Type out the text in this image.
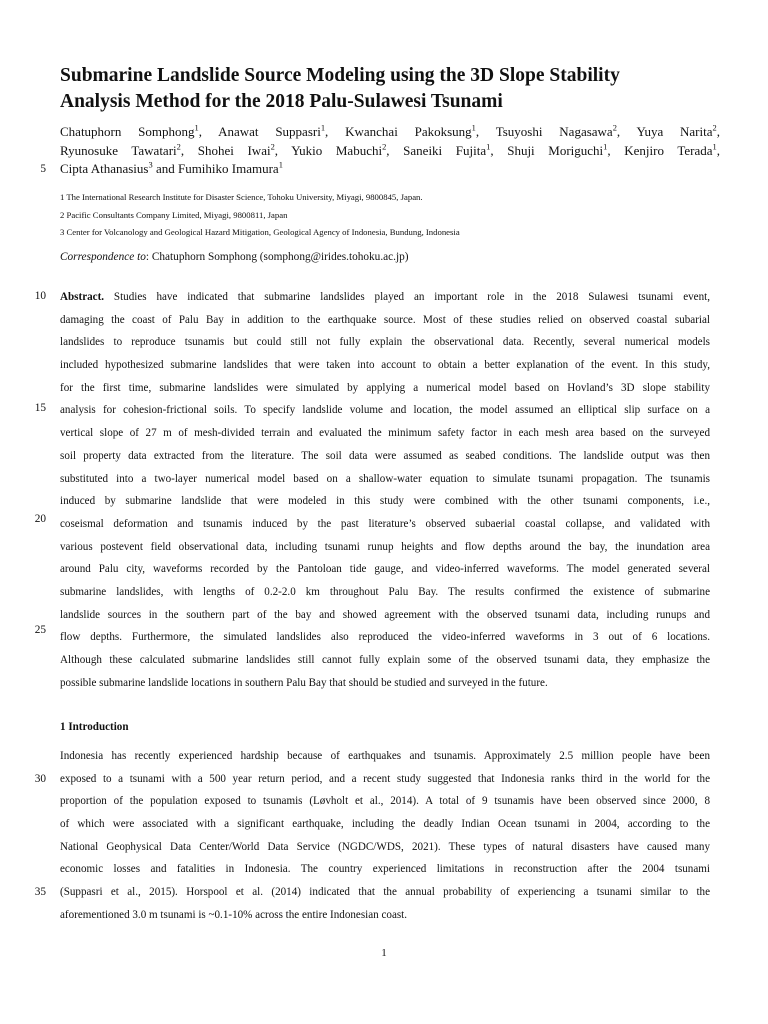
Submarine Landslide Source Modeling using the 3D Slope Stability
Analysis Method for the 2018 Palu-Sulawesi Tsunami
Chatuphorn Somphong$^1$, Anawat Suppasri$^1$, Kwanchai Pakoksung$^1$, Tsuyoshi Nagasawa$^2$, Yuya Narita$^2$,
Ryunosuke Tawatari$^2$, Shohei Iwai$^2$, Yukio Mabuchi$^2$, Saneiki Fujita$^1$, Shuji Moriguchi$^1$, Kenjiro Terada$^1$,
Cipta Athanasius$^3$ and Fumihiko Imamura$^1$
1 The International Research Institute for Disaster Science, Tohoku University, Miyagi, 9800845, Japan.
2 Pacific Consultants Company Limited, Miyagi, 9800811, Japan
3 Center for Volcanology and Geological Hazard Mitigation, Geological Agency of Indonesia, Bundung, Indonesia
Correspondence to: Chatuphorn Somphong (somphong@irides.tohoku.ac.jp)
Abstract. Studies have indicated that submarine landslides played an important role in the 2018 Sulawesi tsunami event,
damaging the coast of Palu Bay in addition to the earthquake source. Most of these studies relied on observed coastal subarial
landslides to reproduce tsunamis but could still not fully explain the observational data. Recently, several numerical models
included hypothesized submarine landslides that were taken into account to obtain a better explanation of the event. In this study,
for the first time, submarine landslides were simulated by applying a numerical model based on Hovland’s 3D slope stability
analysis for cohesion-frictional soils. To specify landslide volume and location, the model assumed an elliptical slip surface on a
vertical slope of 27 m of mesh-divided terrain and evaluated the minimum safety factor in each mesh area based on the surveyed
soil property data extracted from the literature. The soil data were assumed as seabed conditions. The landslide output was then
substituted into a two-layer numerical model based on a shallow-water equation to simulate tsunami propagation. The tsunamis
induced by submarine landslide that were modeled in this study were combined with the other tsunami components, i.e.,
coseismal deformation and tsunamis induced by the past literature’s observed subaerial coastal collapse, and validated with
various postevent field observational data, including tsunami runup heights and flow depths around the bay, the inundation area
around Palu city, waveforms recorded by the Pantoloan tide gauge, and video-inferred waveforms. The model generated several
submarine landslides, with lengths of 0.2-2.0 km throughout Palu Bay. The results confirmed the existence of submarine
landslide sources in the southern part of the bay and showed agreement with the observed tsunami data, including runups and
flow depths. Furthermore, the simulated landslides also reproduced the video-inferred waveforms in 3 out of 6 locations.
Although these calculated submarine landslides still cannot fully explain some of the observed tsunami data, they emphasize the
possible submarine landslide locations in southern Palu Bay that should be studied and surveyed in the future.
1 Introduction
Indonesia has recently experienced hardship because of earthquakes and tsunamis. Approximately 2.5 million people have been
exposed to a tsunami with a 500 year return period, and a recent study suggested that Indonesia ranks third in the world for the
proportion of the population exposed to tsunamis (Løvholt et al., 2014). A total of 9 tsunamis have been observed since 2000, 8
of which were associated with a significant earthquake, including the deadly Indian Ocean tsunami in 2004, according to the
National Geophysical Data Center/World Data Service (NGDC/WDS, 2021). These types of natural disasters have caused many
economic losses and fatalities in Indonesia. The country experienced limitations in reconstruction after the 2004 tsunami
(Suppasri et al., 2015). Horspool et al. (2014) indicated that the annual probability of experiencing a tsunami similar to the
aforementioned 3.0 m tsunami is ~0.1-10% across the entire Indonesian coast.
5
10
15
20
25
30
35
1
